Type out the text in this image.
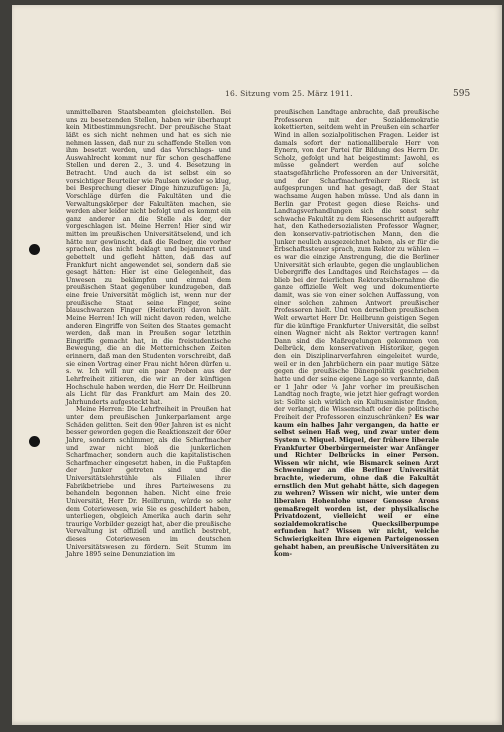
16. Sitzung vom 25. März 1911.	595

unmittelbaren Staatsbeamten gleichstellen. Bei uns zu besetzenden Stellen, haben wir überhaupt kein Mitbestimmungsrecht. Der preußische Staat läßt es sich nicht nehmen und hat es sich nie nehmen lassen, daß nur zu schaffende Stellen von ihm besetzt werden, und das Vorschlags- und Auswahlrecht kommt nur für schon geschaffene Stellen und deren 2., 3. und 4. Besetzung in Betracht. Und auch da ist selbst ein so vorsichtiger Beurteiler wie Paulsen wieder so klug, bei Besprechung dieser Dinge hinzuzufügen: Ja, Vorschläge dürfen die Fakultäten und die Verwaltungskörper der Fakultäten machen, sie werden aber leider nicht befolgt und es kommt ein ganz anderer an die Stelle als der, der vorgeschlagen ist. Meine Herren! Hier sind wir mitten im preußischen Universitätselend, und ich hätte nur gewünscht, daß die Redner, die vorher sprachen, das nicht beklagt und bejammert und gebettelt und gefleht hätten, daß das auf Frankfurt nicht angewendet sei, sondern daß sie gesagt hätten: Hier ist eine Gelegenheit, das Unwesen zu bekämpfen und einmal dem preußischen Staat gegenüber kundzugeben, daß eine freie Universität möglich ist, wenn nur der preußische Staat seine Finger, seine blauschwarzen Finger (Heiterkeit) davon hält. Meine Herren! Ich will nicht davon reden, welche anderen Eingriffe von Seiten des Staates gemacht werden, daß man in Preußen sogar letzthin Eingriffe gemacht hat, in die freistudentische Bewegung, die an die Metternichschen Zeiten erinnern, daß man den Studenten vorschreibt, daß sie einen Vortrag einer Frau nicht hören dürfen u. s. w. Ich will nur ein paar Proben aus der Lehrfreiheit zitieren, die wir an der künftigen Hochschule haben werden, die Herr Dr. Heilbrunn als Licht für das Frankfurt am Main des 20. Jahrhunderts aufgesteckt hat.

Meine Herren: Die Lehrfreiheit in Preußen hat unter dem preußischen Junkerparlament arge Schäden gelitten. Seit den 90er Jahren ist es nicht besser geworden gegen die Reaktionszeit der 60er Jahre, sondern schlimmer, als die Scharfmacher und zwar nicht bloß die junkerlichen Scharfmacher, sondern auch die kapitalistischen Scharfmacher eingesetzt haben, in die Fußtapfen der Junker getreten sind und die Universitätslehrstühle als Filialen ihrer Fabrikbetriebe und ihres Parteiwesens zu behandeln begonnen haben. Nicht eine freie Universität, Herr Dr. Heilbrunn, würde so sehr dem Coteriewesen, wie Sie es geschildert haben, unterliegen, obgleich Amerika auch darin sehr traurige Vorbilder gezeigt hat, aber die preußische Verwaltung ist offiziell und amtlich bestrebt, dieses Coteriewesen im deutschen Universitätswesen zu fördern. Seit Stumm im Jahre 1895 seine Denunziation im

preußischen Landtage anbrachte, daß preußische Professoren mit der Sozialdemokratie kokettierten, seitdem weht in Preußen ein scharfer Wind in allen sozialpolitischen Fragen. Leider ist damals sofort der nationalliberale Herr von Eynern, von der Partei für Bildung des Herrn Dr. Scholz, gefolgt und hat beigestimmt: Jawohl, es müsse geändert werden auf solche staatsgefährliche Professoren an der Universität, und der Scharfmacherfreiherr Rieck ist aufgesprungen und hat gesagt, daß der Staat wachsame Augen haben müsse. Und als dann in Berlin gar Protest gegen diese Reichs- und Landtagsverhandlungen sich die sonst sehr schwache Fakultät zu dem Riesenschritt aufgerafft hat, den Kathedersozialisten Professor Wagner, den konservativ-patriotischen Mann, den die Junker neulich ausgezeichnet haben, als er für die Erbschaftssteuer sprach, zum Rektor zu wählen — es war die einzige Anstrengung, die die Berliner Universität sich erlaubte, gegen die unglaublichen Uebergriffe des Landtages und Reichstages — da blieb bei der feierlichen Rektoratsübernahme die ganze offizielle Welt weg und dokumentierte damit, was sie von einer solchen Auffassung, von einer solchen zahmen Antwort preußischer Professoren hielt. Und von derselben preußischen Welt erwartet Herr Dr. Heilbrunn geistigen Segen für die künftige Frankfurter Universität, die selbst einen Wagner nicht als Rektor vertragen kann! Dann sind die Maßregelungen gekommen von Delbrück, dem konservativen Historiker, gegen den ein Disziplinarverfahren eingeleitet wurde, weil er in den Jahrbüchern ein paar mutige Sätze gegen die preußische Dänenpolitik geschrieben hatte und der seine eigene Lage so verkannte, daß er 1 Jahr oder ¼ Jahr vorher im preußischen Landtag noch fragte, wie jetzt hier gefragt worden ist: Sollte sich wirklich ein Kultusminister finden, der verlangt, die Wissenschaft oder die politische Freiheit der Professoren einzuschränken? Es war kaum ein halbes Jahr vergangen, da hatte er selbst seinen Haß weg, und zwar unter dem System v. Miquel. Miquel, der frühere liberale Frankfurter Oberbürgermeister war Anfänger und Richter Delbrücks in einer Person. Wissen wir nicht, wie Bismarck seinen Arzt Schweninger an die Berliner Universität brachte, wiederum, ohne daß die Fakultät ernstlich den Mut gehabt hätte, sich dagegen zu wehren? Wissen wir nicht, wie unter dem liberalen Hohenlohe unser Genosse Arons gemaßregelt worden ist, der physikalische Privatdozent, vielleicht weil er eine sozialdemokratische Quecksilberpumpe erfunden hat? Wissen wir nicht, welche Schwierigkeiten Ihre eigenen Parteigenossen gehabt haben, an preußische Universitäten zu kom-
